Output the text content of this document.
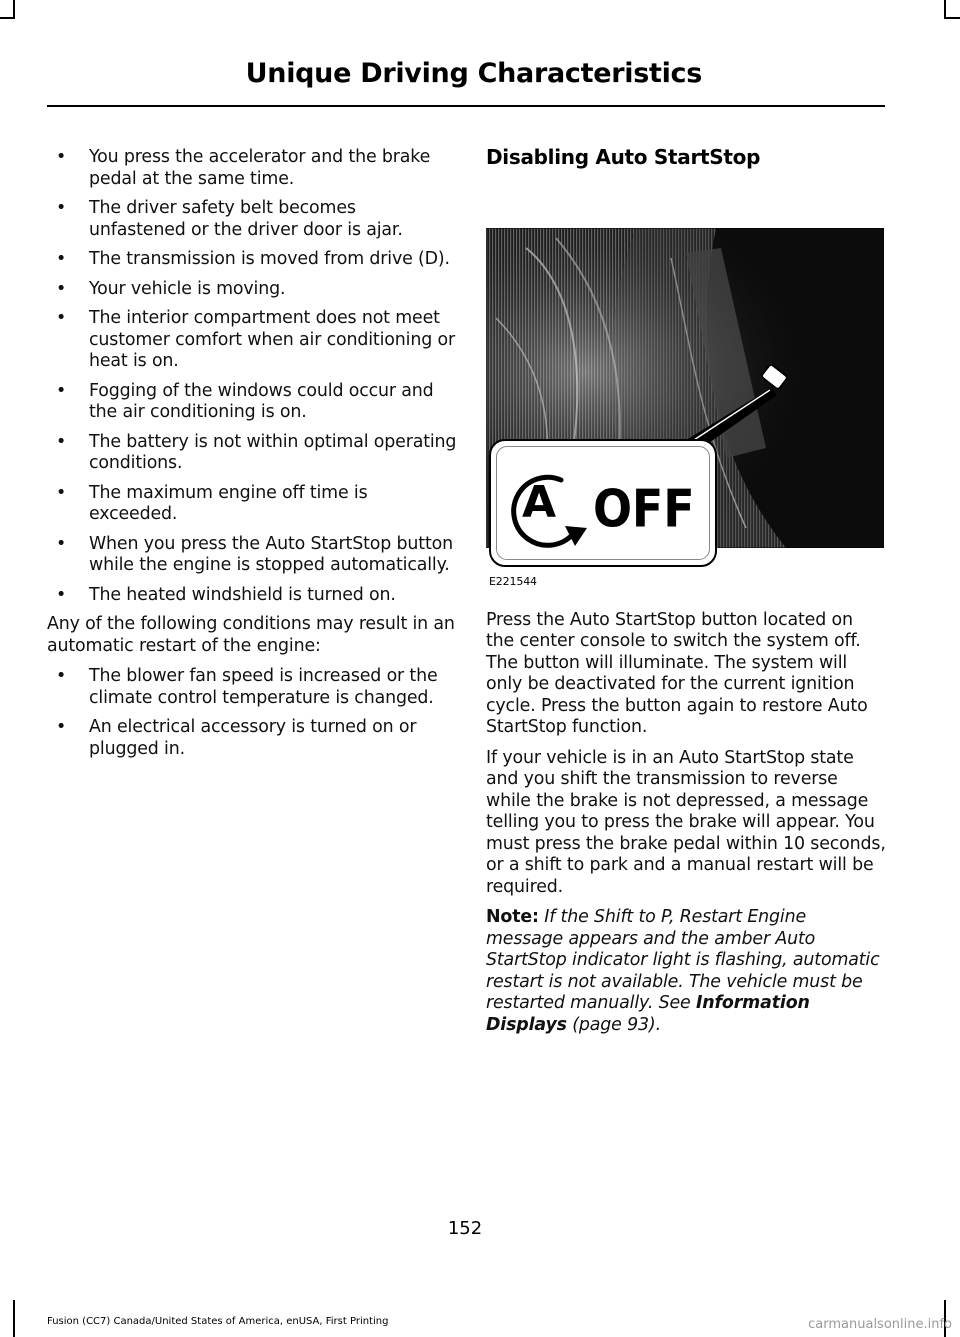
Unique Driving Characteristics
• You press the accelerator and the brake pedal at the same time.
• The driver safety belt becomes unfastened or the driver door is ajar.
• The transmission is moved from drive (D).
• Your vehicle is moving.
• The interior compartment does not meet customer comfort when air conditioning or heat is on.
• Fogging of the windows could occur and the air conditioning is on.
• The battery is not within optimal operating conditions.
• The maximum engine off time is exceeded.
• When you press the Auto StartStop button while the engine is stopped automatically.
• The heated windshield is turned on.

Any of the following conditions may result in an automatic restart of the engine:

• The blower fan speed is increased or the climate control temperature is changed.
• An electrical accessory is turned on or plugged in.
Disabling Auto StartStop
A OFF
E221544

Press the Auto StartStop button located on the center console to switch the system off. The button will illuminate. The system will only be deactivated for the current ignition cycle. Press the button again to restore Auto StartStop function.

If your vehicle is in an Auto StartStop state and you shift the transmission to reverse while the brake is not depressed, a message telling you to press the brake will appear. You must press the brake pedal within 10 seconds, or a shift to park and a manual restart will be required.

Note: If the Shift to P, Restart Engine message appears and the amber Auto StartStop indicator light is flashing, automatic restart is not available. The vehicle must be restarted manually. See Information Displays (page 93).

152
Fusion (CC7) Canada/United States of America, enUSA, First Printing	carmanualsonline.info
